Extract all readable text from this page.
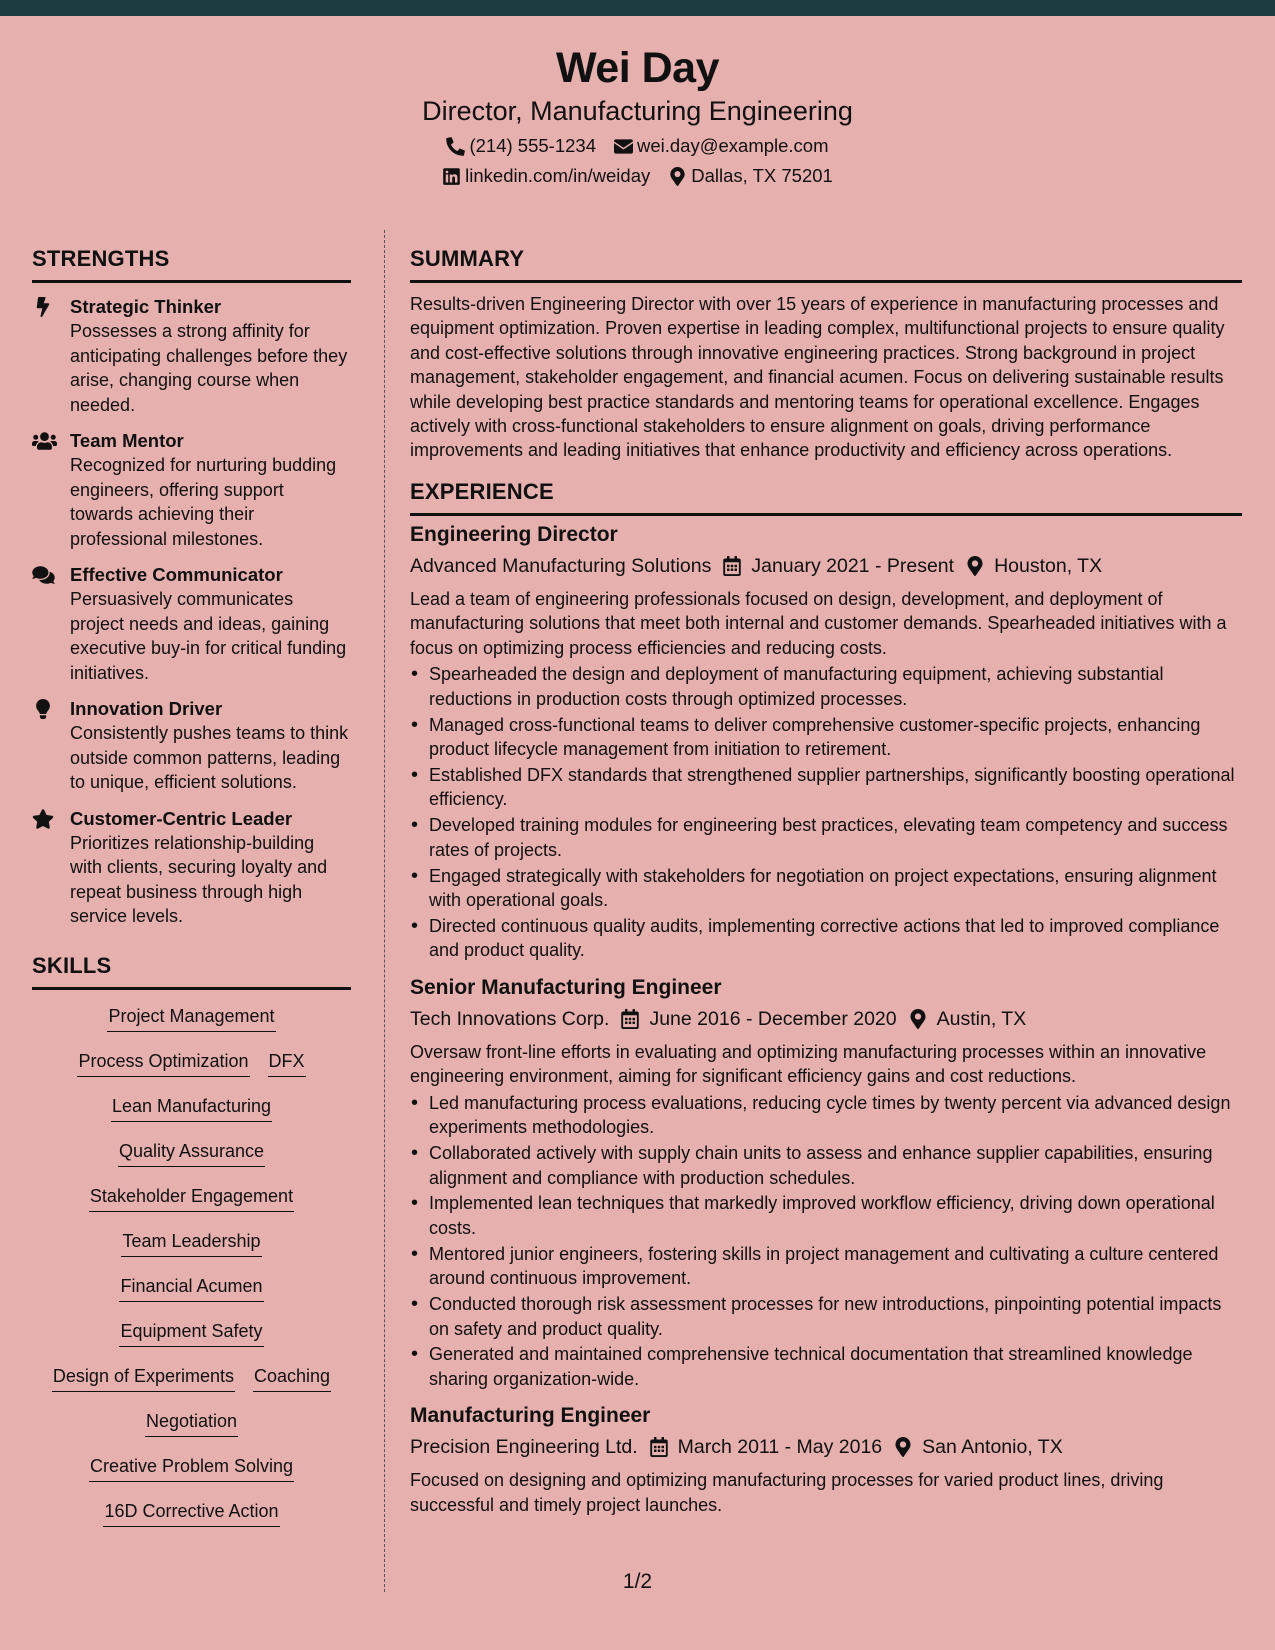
Wei Day
Director, Manufacturing Engineering
(214) 555-1234 wei.day@example.com
linkedin.com/in/weiday Dallas, TX 75201
STRENGTHS
Strategic Thinker
Possesses a strong affinity for anticipating challenges before they arise, changing course when needed.
Team Mentor
Recognized for nurturing budding engineers, offering support towards achieving their professional milestones.
Effective Communicator
Persuasively communicates project needs and ideas, gaining executive buy-in for critical funding initiatives.
Innovation Driver
Consistently pushes teams to think outside common patterns, leading to unique, efficient solutions.
Customer-Centric Leader
Prioritizes relationship-building with clients, securing loyalty and repeat business through high service levels.
SKILLS
Project Management
Process Optimization DFX
Lean Manufacturing
Quality Assurance
Stakeholder Engagement
Team Leadership
Financial Acumen
Equipment Safety
Design of Experiments Coaching
Negotiation
Creative Problem Solving
16D Corrective Action
SUMMARY

Results-driven Engineering Director with over 15 years of experience in manufacturing processes and equipment optimization. Proven expertise in leading complex, multifunctional projects to ensure quality and cost-effective solutions through innovative engineering practices. Strong background in project management, stakeholder engagement, and financial acumen. Focus on delivering sustainable results while developing best practice standards and mentoring teams for operational excellence. Engages actively with cross-functional stakeholders to ensure alignment on goals, driving performance improvements and leading initiatives that enhance productivity and efficiency across operations.

EXPERIENCE
Engineering Director
Advanced Manufacturing Solutions January 2021 - Present Houston, TX

Lead a team of engineering professionals focused on design, development, and deployment of manufacturing solutions that meet both internal and customer demands. Spearheaded initiatives with a focus on optimizing process efficiencies and reducing costs.

• Spearheaded the design and deployment of manufacturing equipment, achieving substantial reductions in production costs through optimized processes.
• Managed cross-functional teams to deliver comprehensive customer-specific projects, enhancing product lifecycle management from initiation to retirement.
• Established DFX standards that strengthened supplier partnerships, significantly boosting operational efficiency.
• Developed training modules for engineering best practices, elevating team competency and success rates of projects.
• Engaged strategically with stakeholders for negotiation on project expectations, ensuring alignment with operational goals.
• Directed continuous quality audits, implementing corrective actions that led to improved compliance and product quality.
Senior Manufacturing Engineer
Tech Innovations Corp. June 2016 - December 2020 Austin, TX

Oversaw front-line efforts in evaluating and optimizing manufacturing processes within an innovative engineering environment, aiming for significant efficiency gains and cost reductions.

• Led manufacturing process evaluations, reducing cycle times by twenty percent via advanced design experiments methodologies.
• Collaborated actively with supply chain units to assess and enhance supplier capabilities, ensuring alignment and compliance with production schedules.
• Implemented lean techniques that markedly improved workflow efficiency, driving down operational costs.
• Mentored junior engineers, fostering skills in project management and cultivating a culture centered around continuous improvement.
• Conducted thorough risk assessment processes for new introductions, pinpointing potential impacts on safety and product quality.
• Generated and maintained comprehensive technical documentation that streamlined knowledge sharing organization-wide.
Manufacturing Engineer
Precision Engineering Ltd. March 2011 - May 2016 San Antonio, TX

Focused on designing and optimizing manufacturing processes for varied product lines, driving successful and timely project launches.

1/2
